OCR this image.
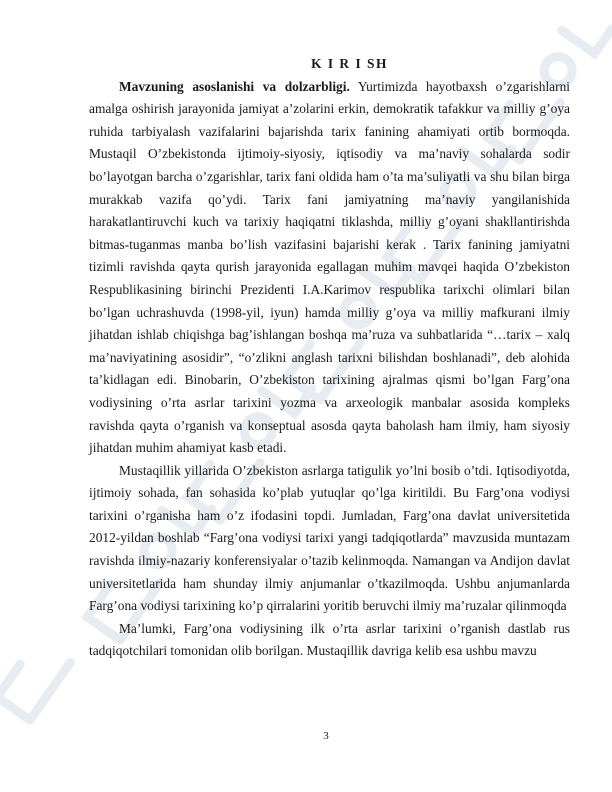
K I R I SH

Mavzuning asoslanishi va dolzarbligi. Yurtimizda hayotbaxsh o’zgarishlarni amalga oshirish jarayonida jamiyat a’zolarini erkin, demokratik tafakkur va milliy g’oya ruhida tarbiyalash vazifalarini bajarishda tarix fanining ahamiyati ortib bormoqda. Mustaqil O’zbekistonda ijtimoiy-siyosiy, iqtisodiy va ma’naviy sohalarda sodir bo’layotgan barcha o’zgarishlar, tarix fani oldida ham o’ta ma’suliyatli va shu bilan birga murakkab vazifa qo’ydi. Tarix fani jamiyatning ma’naviy yangilanishida harakatlantiruvchi kuch va tarixiy haqiqatni tiklashda, milliy g’oyani shakllantirishda bitmas-tuganmas manba bo’lish vazifasini bajarishi kerak . Tarix fanining jamiyatni tizimli ravishda qayta qurish jarayonida egallagan muhim mavqei haqida O’zbekiston Respublikasining birinchi Prezidenti I.A.Karimov respublika tarixchi olimlari bilan bo’lgan uchrashuvda (1998-yil, iyun) hamda milliy g’oya va milliy mafkurani ilmiy jihatdan ishlab chiqishga bag’ishlangan boshqa ma’ruza va suhbatlarida “…tarix – xalq ma’naviyatining asosidir”, “o’zlikni anglash tarixni bilishdan boshlanadi”, deb alohida ta’kidlagan edi. Binobarin, O’zbekiston tarixining ajralmas qismi bo’lgan Farg’ona vodiysining o’rta asrlar tarixini yozma va arxeologik manbalar asosida kompleks ravishda qayta o’rganish va konseptual asosda qayta baholash ham ilmiy, ham siyosiy jihatdan muhim ahamiyat kasb etadi.

Mustaqillik yillarida O’zbekiston asrlarga tatigulik yo’lni bosib o’tdi. Iqtisodiyotda, ijtimoiy sohada, fan sohasida ko’plab yutuqlar qo’lga kiritildi. Bu Farg’ona vodiysi tarixini o’rganisha ham o’z ifodasini topdi. Jumladan, Farg’ona davlat universitetida 2012-yildan boshlab “Farg’ona vodiysi tarixi yangi tadqiqotlarda” mavzusida muntazam ravishda ilmiy-nazariy konferensiyalar o’tazib kelinmoqda. Namangan va Andijon davlat universitetlarida ham shunday ilmiy anjumanlar o’tkazilmoqda. Ushbu anjumanlarda Farg’ona vodiysi tarixining ko’p qirralarini yoritib beruvchi ilmiy ma’ruzalar qilinmoqda

Ma’lumki, Farg’ona vodiysining ilk o’rta asrlar tarixini o’rganish dastlab rus tadqiqotchilari tomonidan olib borilgan. Mustaqillik davriga kelib esa ushbu mavzu

3
